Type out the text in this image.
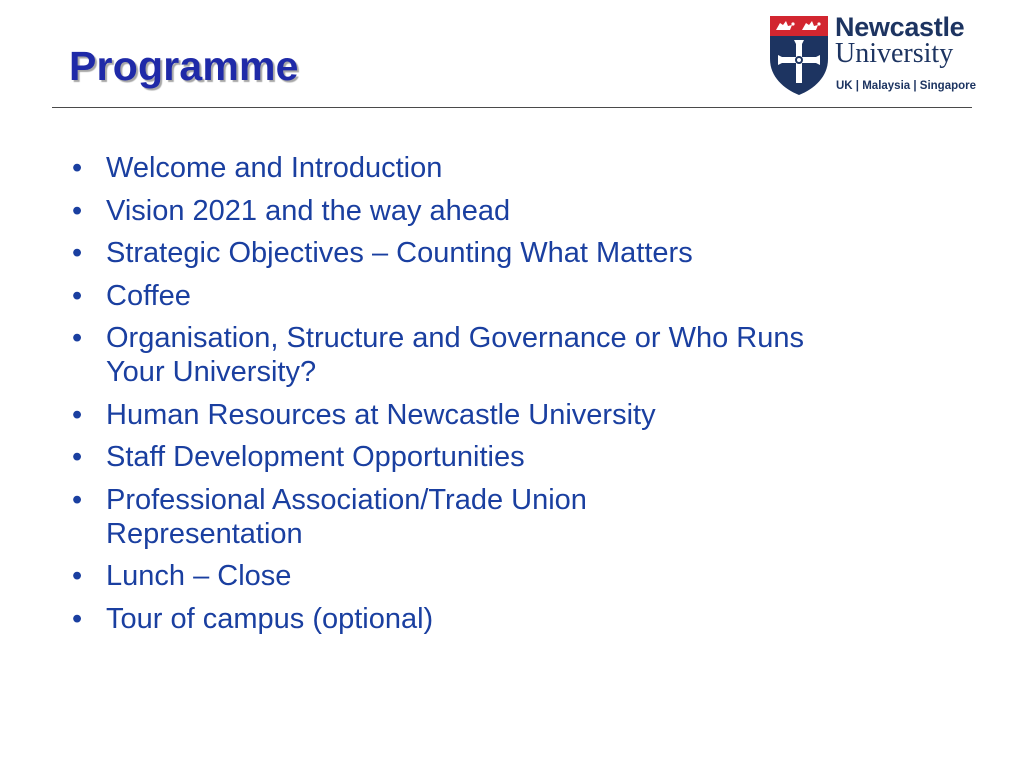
Programme
Newcastle
University
UK | Malaysia | Singapore
• Welcome and Introduction
• Vision 2021 and the way ahead
• Strategic Objectives – Counting What Matters
• Coffee
• Organisation, Structure and Governance or Who Runs Your University?
• Human Resources at Newcastle University
• Staff Development Opportunities
• Professional Association/Trade Union Representation
• Lunch – Close
• Tour of campus (optional)
